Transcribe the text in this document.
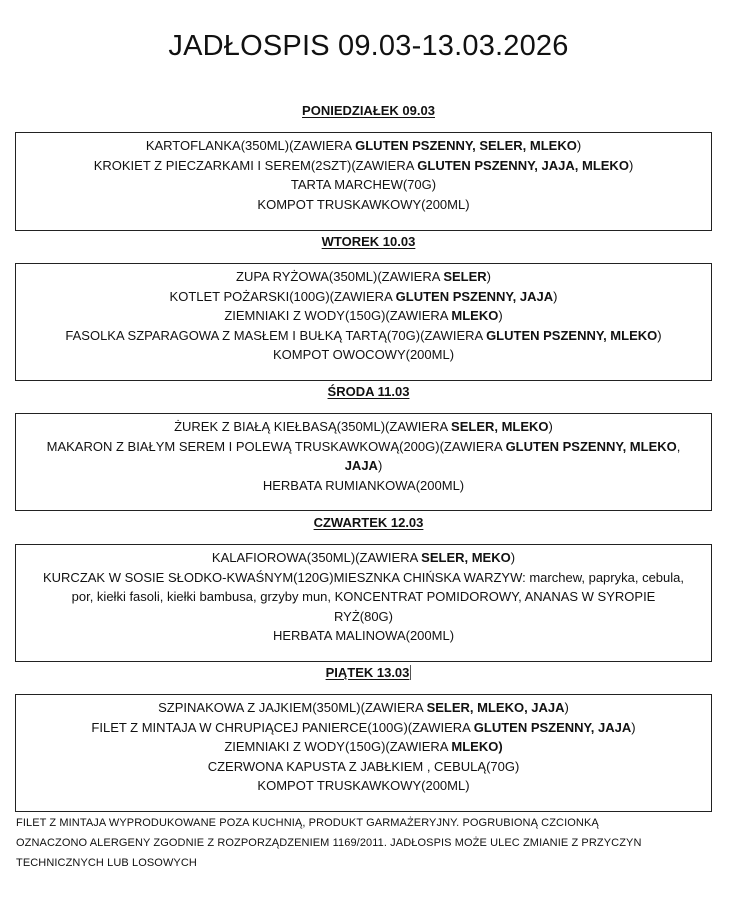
JADŁOSPIS 09.03-13.03.2026
PONIEDZIAŁEK 09.03
KARTOFLANKA(350ML)(ZAWIERA GLUTEN PSZENNY, SELER, MLEKO)
KROKIET Z PIECZARKAMI I SEREM(2SZT)(ZAWIERA GLUTEN PSZENNY, JAJA, MLEKO)
TARTA MARCHEW(70G)
KOMPOT TRUSKAWKOWY(200ML)
WTOREK 10.03
ZUPA RYŻOWA(350ML)(ZAWIERA SELER)
KOTLET POŻARSKI(100G)(ZAWIERA GLUTEN PSZENNY, JAJA)
ZIEMNIAKI Z WODY(150G)(ZAWIERA MLEKO)
FASOLKA SZPARAGOWA Z MASŁEM I BUŁKĄ TARTĄ(70G)(ZAWIERA GLUTEN PSZENNY, MLEKO)
KOMPOT OWOCOWY(200ML)
ŚRODA 11.03
ŻUREK Z BIAŁĄ KIEŁBASĄ(350ML)(ZAWIERA SELER, MLEKO)
MAKARON Z BIAŁYM SEREM I POLEWĄ TRUSKAWKOWĄ(200G)(ZAWIERA GLUTEN PSZENNY, MLEKO,
JAJA)
HERBATA RUMIANKOWA(200ML)
CZWARTEK 12.03
KALAFIOROWA(350ML)(ZAWIERA SELER, MEKO)
KURCZAK W SOSIE SŁODKO-KWAŚNYM(120G)MIESZNKA CHIŃSKA WARZYW: marchew, papryka, cebula,
por, kiełki fasoli, kiełki bambusa, grzyby mun, KONCENTRAT POMIDOROWY, ANANAS W SYROPIE
RYŻ(80G)
HERBATA MALINOWA(200ML)
PIĄTEK 13.03
SZPINAKOWA Z JAJKIEM(350ML)(ZAWIERA SELER, MLEKO, JAJA)
FILET Z MINTAJA W CHRUPIĄCEJ PANIERCE(100G)(ZAWIERA GLUTEN PSZENNY, JAJA)
ZIEMNIAKI Z WODY(150G)(ZAWIERA MLEKO)
CZERWONA KAPUSTA Z JABŁKIEM , CEBULĄ(70G)
KOMPOT TRUSKAWKOWY(200ML)
FILET Z MINTAJA WYPRODUKOWANE POZA KUCHNIĄ, PRODUKT GARMAŻERYJNY. POGRUBIONĄ CZCIONKĄ
OZNACZONO ALERGENY ZGODNIE Z ROZPORZĄDZENIEM 1169/2011. JADŁOSPIS MOŻE ULEC ZMIANIE Z PRZYCZYN
TECHNICZNYCH LUB LOSOWYCH
